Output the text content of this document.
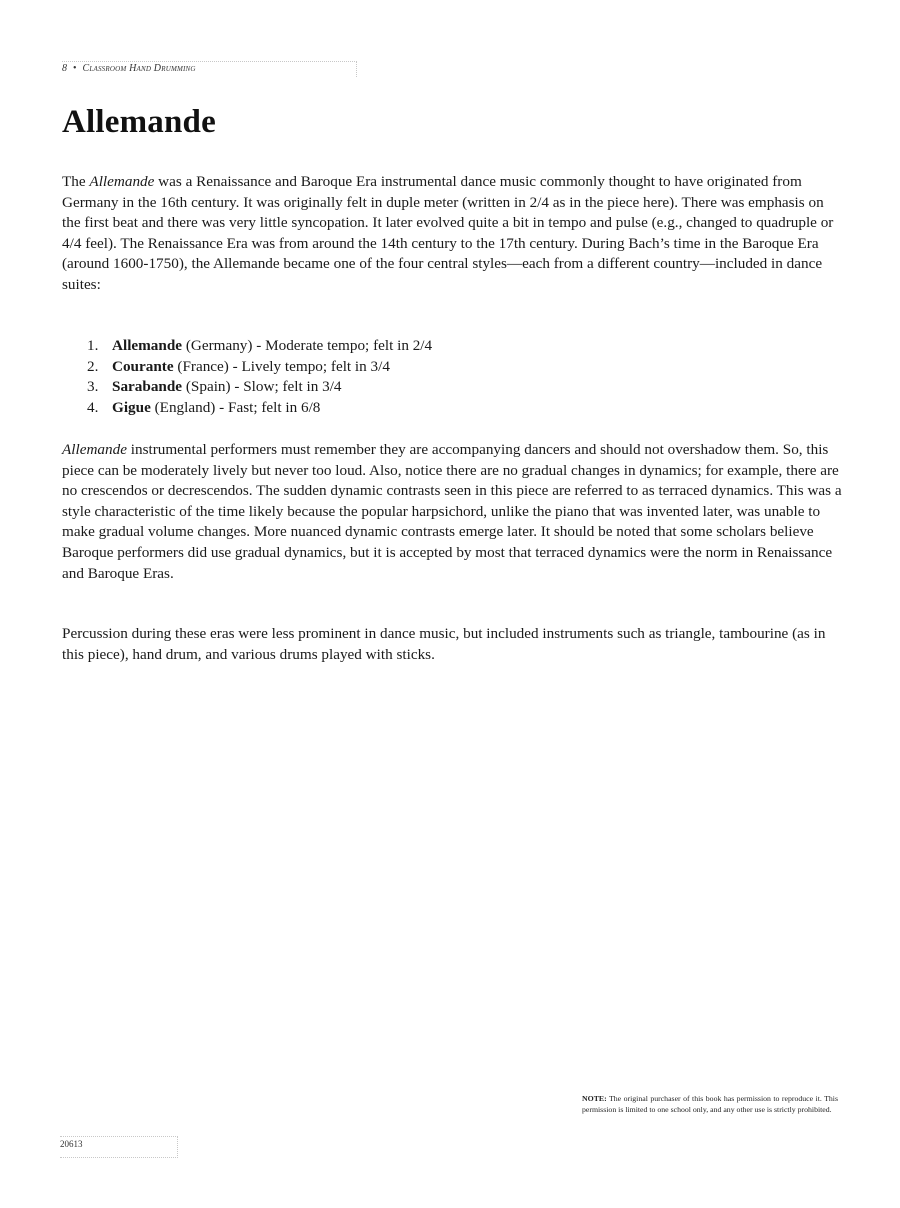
8 • Classroom Hand Drumming
Allemande

The Allemande was a Renaissance and Baroque Era instrumental dance music commonly thought to have originated from Germany in the 16th century. It was originally felt in duple meter (written in 2/4 as in the piece here). There was emphasis on the first beat and there was very little syncopation. It later evolved quite a bit in tempo and pulse (e.g., changed to quadruple or 4/4 feel). The Renaissance Era was from around the 14th century to the 17th century. During Bach’s time in the Baroque Era (around 1600-1750), the Allemande became one of the four central styles—each from a different country—included in dance suites:

1. Allemande (Germany) - Moderate tempo; felt in 2/4
2. Courante (France) - Lively tempo; felt in 3/4
3. Sarabande (Spain) - Slow; felt in 3/4
4. Gigue (England) - Fast; felt in 6/8

Allemande instrumental performers must remember they are accompanying dancers and should not overshadow them. So, this piece can be moderately lively but never too loud. Also, notice there are no gradual changes in dynamics; for example, there are no crescendos or decrescendos. The sudden dynamic contrasts seen in this piece are referred to as terraced dynamics. This was a style characteristic of the time likely because the popular harpsichord, unlike the piano that was invented later, was unable to make gradual volume changes. More nuanced dynamic contrasts emerge later. It should be noted that some scholars believe Baroque performers did use gradual dynamics, but it is accepted by most that terraced dynamics were the norm in Renaissance and Baroque Eras.

Percussion during these eras were less prominent in dance music, but included instruments such as triangle, tambourine (as in this piece), hand drum, and various drums played with sticks.

NOTE: The original purchaser of this book has permission to reproduce it. This permission is limited to one school only, and any other use is strictly prohibited.
20613
